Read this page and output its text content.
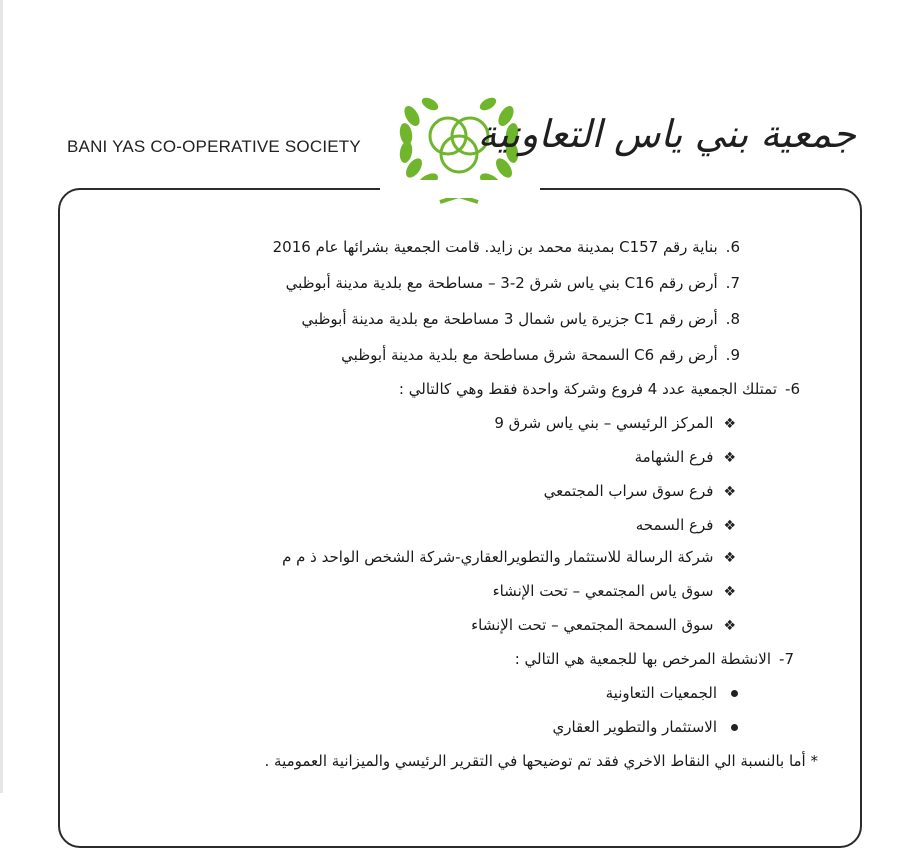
BANI YAS CO-OPERATIVE SOCIETY	جمعية بني ياس التعاونية
6.بناية رقم C157 بمدينة محمد بن زايد. قامت الجمعية بشرائها عام 2016
7.أرض رقم C16 بني ياس شرق 2-3 – مساطحة مع بلدية مدينة أبوظبي
8.أرض رقم C1 جزيرة ياس شمال 3 مساطحة مع بلدية مدينة أبوظبي
9.أرض رقم C6 السمحة شرق مساطحة مع بلدية مدينة أبوظبي
6-تمتلك الجمعية عدد 4 فروع وشركة واحدة فقط وهي كالتالي :
❖المركز الرئيسي – بني ياس شرق 9
❖فرع الشهامة
❖فرع سوق سراب المجتمعي
❖فرع السمحه
❖شركة الرسالة للاستثمار والتطويرالعقاري-شركة الشخص الواحد ذ م م
❖سوق ياس المجتمعي – تحت الإنشاء
❖سوق السمحة المجتمعي – تحت الإنشاء
7-الانشطة المرخص بها للجمعية هي التالي :
الجمعيات التعاونية
الاستثمار والتطوير العقاري
* أما بالنسبة الي النقاط الاخري فقد تم توضيحها في التقرير الرئيسي والميزانية العمومية .
